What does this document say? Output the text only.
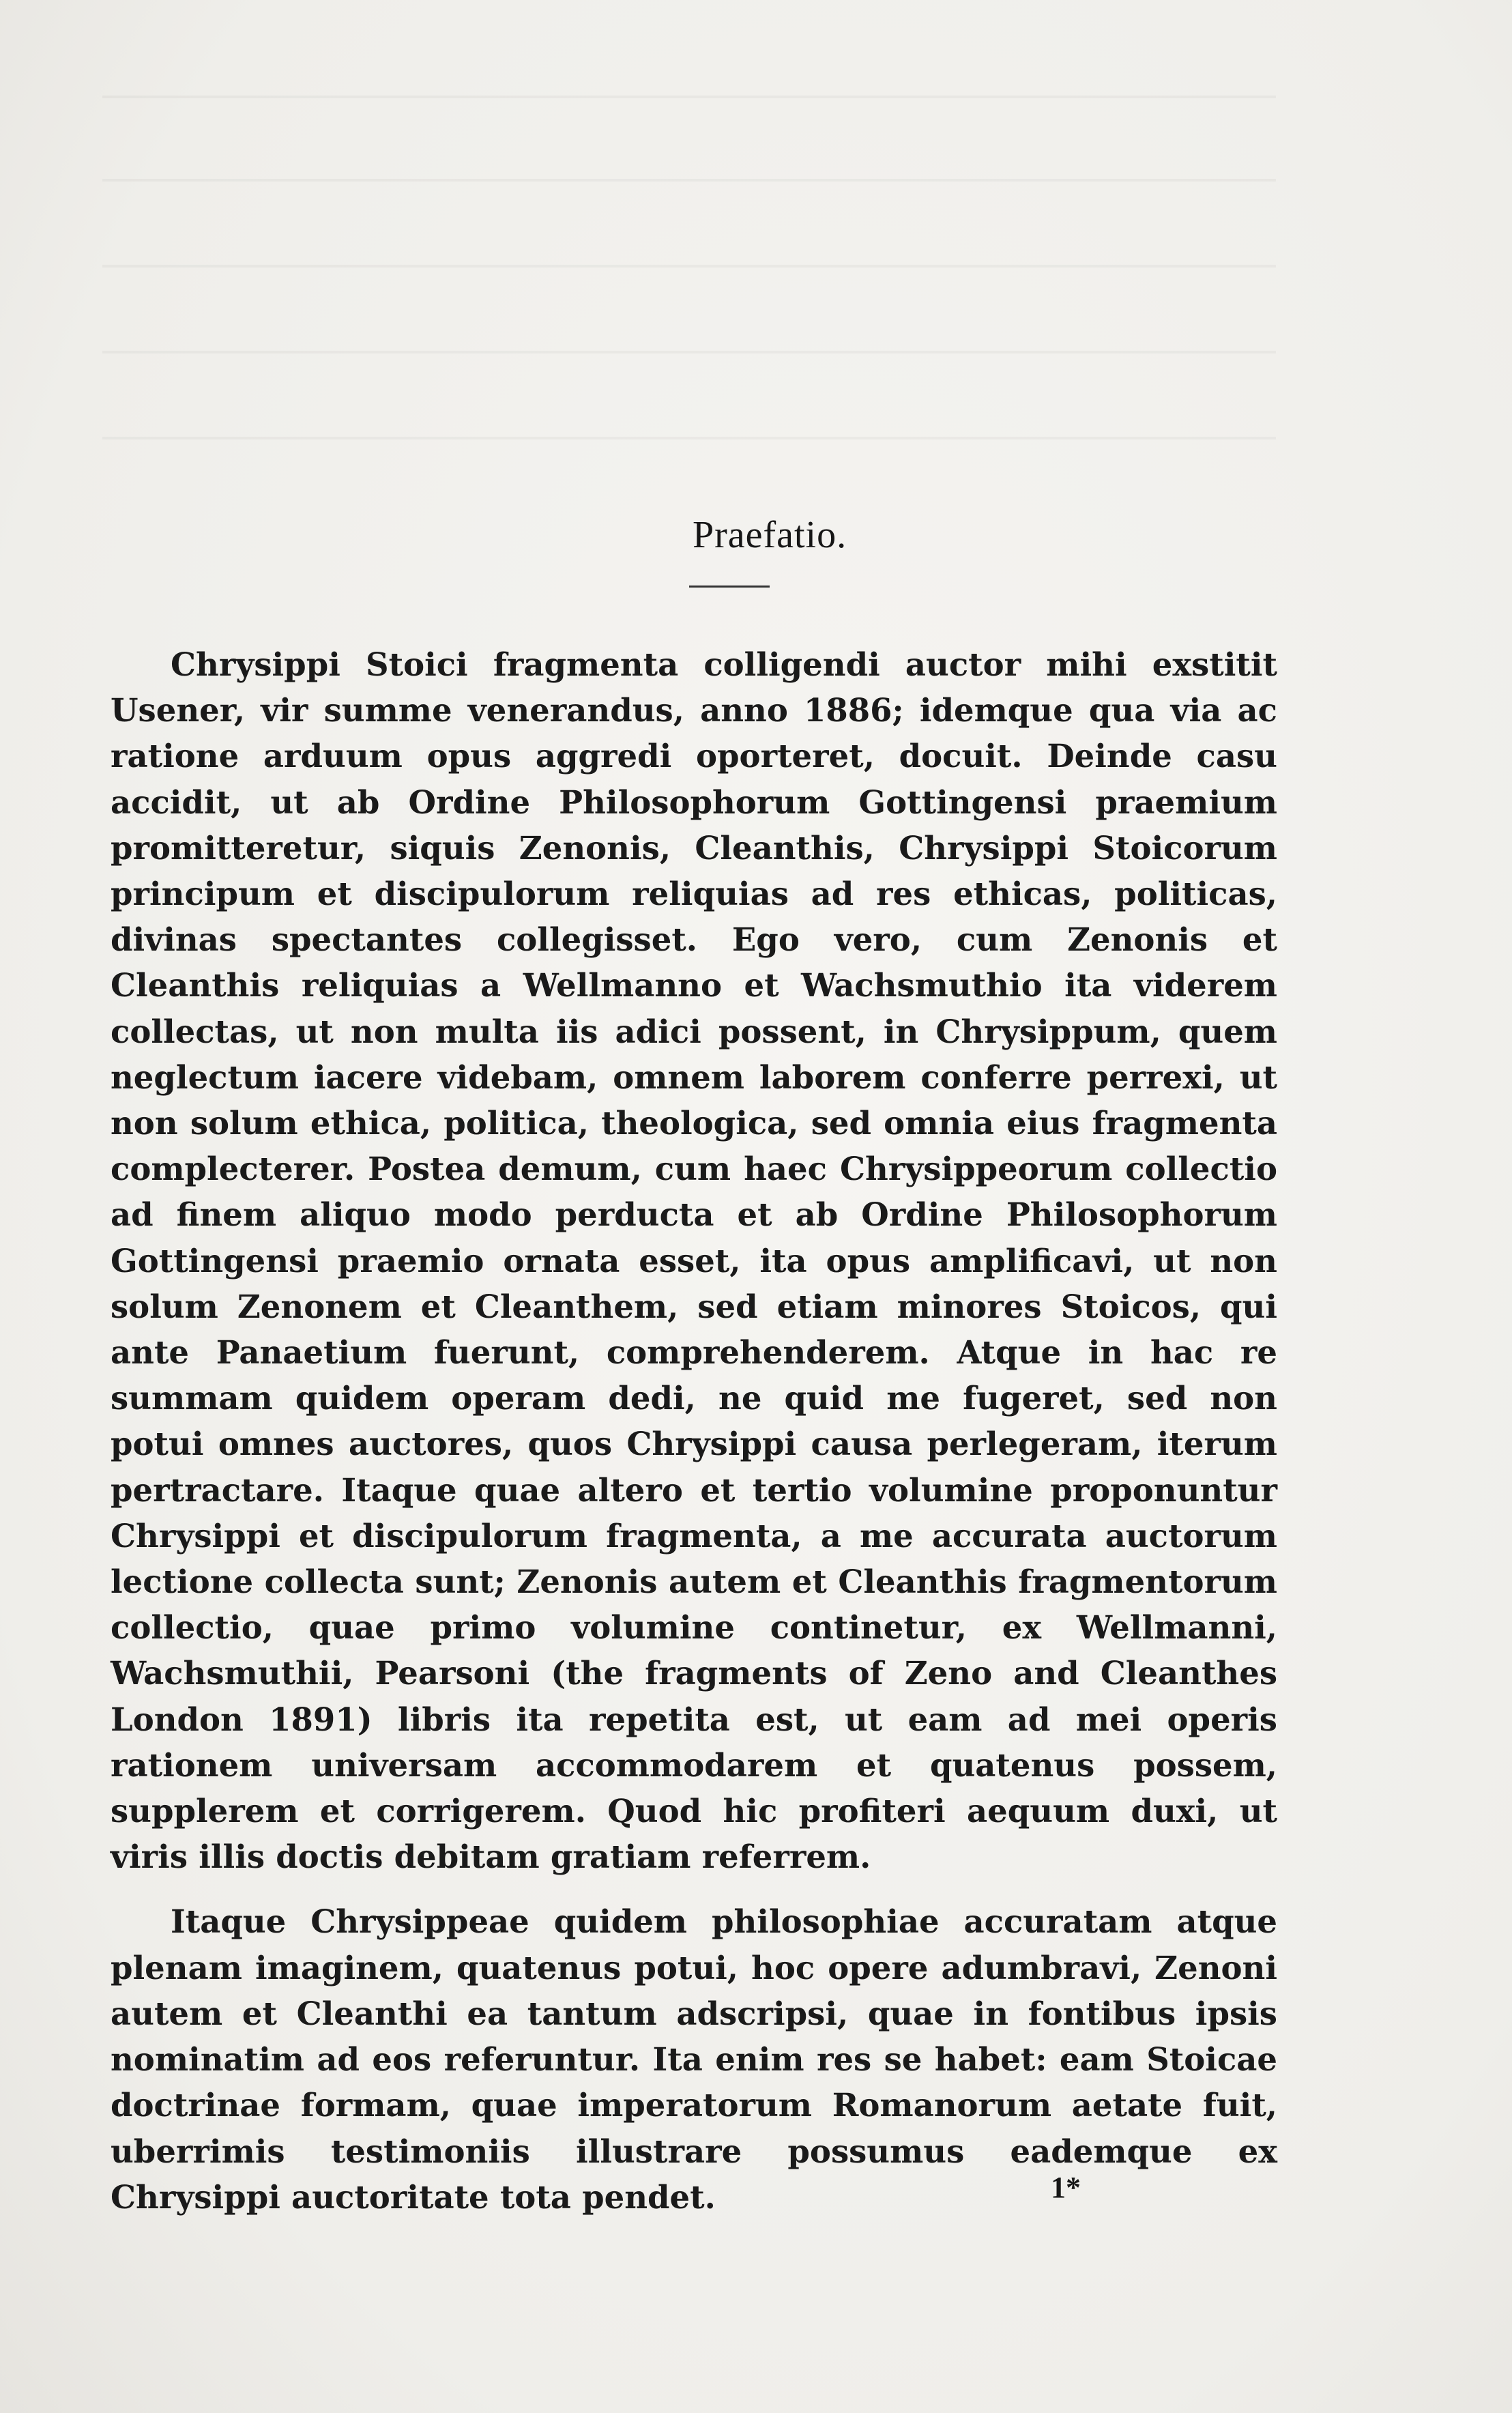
Praefatio.

Chrysippi Stoici fragmenta colligendi auctor mihi exstitit Usener, vir summe venerandus, anno 1886; idemque qua via ac ratione arduum opus aggredi oporteret, docuit. Deinde casu accidit, ut ab Ordine Philosophorum Gottingensi praemium promitteretur, siquis Zenonis, Cleanthis, Chrysippi Stoicorum principum et discipulorum reliquias ad res ethicas, politicas, divinas spectantes collegisset. Ego vero, cum Zenonis et Cleanthis reliquias a Wellmanno et Wachsmuthio ita viderem collectas, ut non multa iis adici possent, in Chrysippum, quem neglectum iacere videbam, omnem laborem conferre perrexi, ut non solum ethica, politica, theologica, sed omnia eius fragmenta complecterer. Postea demum, cum haec Chrysippeorum collectio ad finem aliquo modo perducta et ab Ordine Philosophorum Gottingensi praemio ornata esset, ita opus amplificavi, ut non solum Zenonem et Cleanthem, sed etiam minores Stoicos, qui ante Panaetium fuerunt, comprehenderem. Atque in hac re summam quidem operam dedi, ne quid me fugeret, sed non potui omnes auctores, quos Chrysippi causa perlegeram, iterum pertractare. Itaque quae altero et tertio volumine proponuntur Chrysippi et discipulorum fragmenta, a me accurata auctorum lectione collecta sunt; Zenonis autem et Cleanthis fragmentorum collectio, quae primo volumine continetur, ex Wellmanni, Wachsmuthii, Pearsoni (the fragments of Zeno and Cleanthes London 1891) libris ita repetita est, ut eam ad mei operis rationem universam accommodarem et quatenus possem, supplerem et corrigerem. Quod hic profiteri aequum duxi, ut viris illis doctis debitam gratiam referrem.

Itaque Chrysippeae quidem philosophiae accuratam atque plenam imaginem, quatenus potui, hoc opere adumbravi, Zenoni autem et Cleanthi ea tantum adscripsi, quae in fontibus ipsis nominatim ad eos referuntur. Ita enim res se habet: eam Stoicae doctrinae formam, quae imperatorum Romanorum aetate fuit, uberrimis testimoniis illustrare possumus eademque ex Chrysippi auctoritate tota pendet.	1*
